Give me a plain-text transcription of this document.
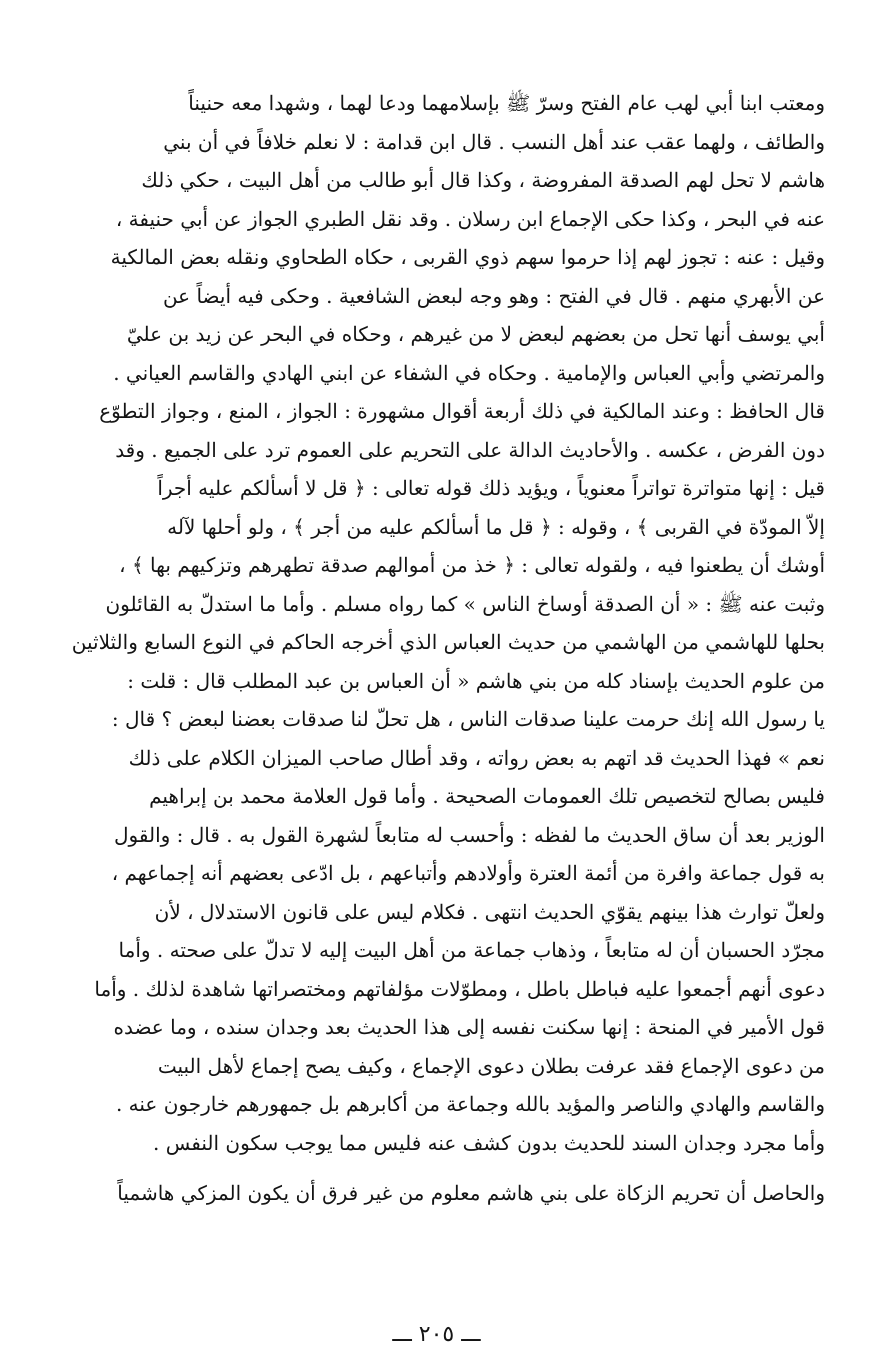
ومعتب ابنا أبي لهب عام الفتح وسرّ ﷺ بإسلامهما ودعا لهما ، وشهدا معه حنيناً
والطائف ، ولهما عقب عند أهل النسب . قال ابن قدامة : لا نعلم خلافاً في أن بني
هاشم لا تحل لهم الصدقة المفروضة ، وكذا قال أبو طالب من أهل البيت ، حكي ذلك
عنه في البحر ، وكذا حكى الإجماع ابن رسلان . وقد نقل الطبري الجواز عن أبي حنيفة ،
وقيل : عنه : تجوز لهم إذا حرموا سهم ذوي القربى ، حكاه الطحاوي ونقله بعض المالكية
عن الأبهري منهم . قال في الفتح : وهو وجه لبعض الشافعية . وحكى فيه أيضاً عن
أبي يوسف أنها تحل من بعضهم لبعض لا من غيرهم ، وحكاه في البحر عن زيد بن عليّ
والمرتضي وأبي العباس والإمامية . وحكاه في الشفاء عن ابني الهادي والقاسم العياني .
قال الحافظ : وعند المالكية في ذلك أربعة أقوال مشهورة : الجواز ، المنع ، وجواز التطوّع
دون الفرض ، عكسه . والأحاديث الدالة على التحريم على العموم ترد على الجميع . وقد
قيل : إنها متواترة تواتراً معنوياً ، ويؤيد ذلك قوله تعالى : ﴿ قل لا أسألكم عليه أجراً
إلاّ المودّة في القربى ﴾ ، وقوله : ﴿ قل ما أسألكم عليه من أجر ﴾ ، ولو أحلها لآله
أوشك أن يطعنوا فيه ، ولقوله تعالى : ﴿ خذ من أموالهم صدقة تطهرهم وتزكيهم بها ﴾ ،
وثبت عنه ﷺ : « أن الصدقة أوساخ الناس » كما رواه مسلم . وأما ما استدلّ به القائلون
بحلها للهاشمي من الهاشمي من حديث العباس الذي أخرجه الحاكم في النوع السابع والثلاثين
من علوم الحديث بإسناد كله من بني هاشم « أن العباس بن عبد المطلب قال : قلت :
يا رسول الله إنك حرمت علينا صدقات الناس ، هل تحلّ لنا صدقات بعضنا لبعض ؟ قال :
نعم » فهذا الحديث قد اتهم به بعض رواته ، وقد أطال صاحب الميزان الكلام على ذلك
فليس بصالح لتخصيص تلك العمومات الصحيحة . وأما قول العلامة محمد بن إبراهيم
الوزير بعد أن ساق الحديث ما لفظه : وأحسب له متابعاً لشهرة القول به . قال : والقول
به قول جماعة وافرة من أئمة العترة وأولادهم وأتباعهم ، بل ادّعى بعضهم أنه إجماعهم ،
ولعلّ توارث هذا بينهم يقوّي الحديث انتهى . فكلام ليس على قانون الاستدلال ، لأن
مجرّد الحسبان أن له متابعاً ، وذهاب جماعة من أهل البيت إليه لا تدلّ على صحته . وأما
دعوى أنهم أجمعوا عليه فباطل باطل ، ومطوّلات مؤلفاتهم ومختصراتها شاهدة لذلك . وأما
قول الأمير في المنحة : إنها سكنت نفسه إلى هذا الحديث بعد وجدان سنده ، وما عضده
من دعوى الإجماع فقد عرفت بطلان دعوى الإجماع ، وكيف يصح إجماع لأهل البيت
والقاسم والهادي والناصر والمؤيد بالله وجماعة من أكابرهم بل جمهورهم خارجون عنه .
وأما مجرد وجدان السند للحديث بدون كشف عنه فليس مما يوجب سكون النفس .
والحاصل أن تحريم الزكاة على بني هاشم معلوم من غير فرق أن يكون المزكي هاشمياً
ـــ ٢٠٥ ـــ
